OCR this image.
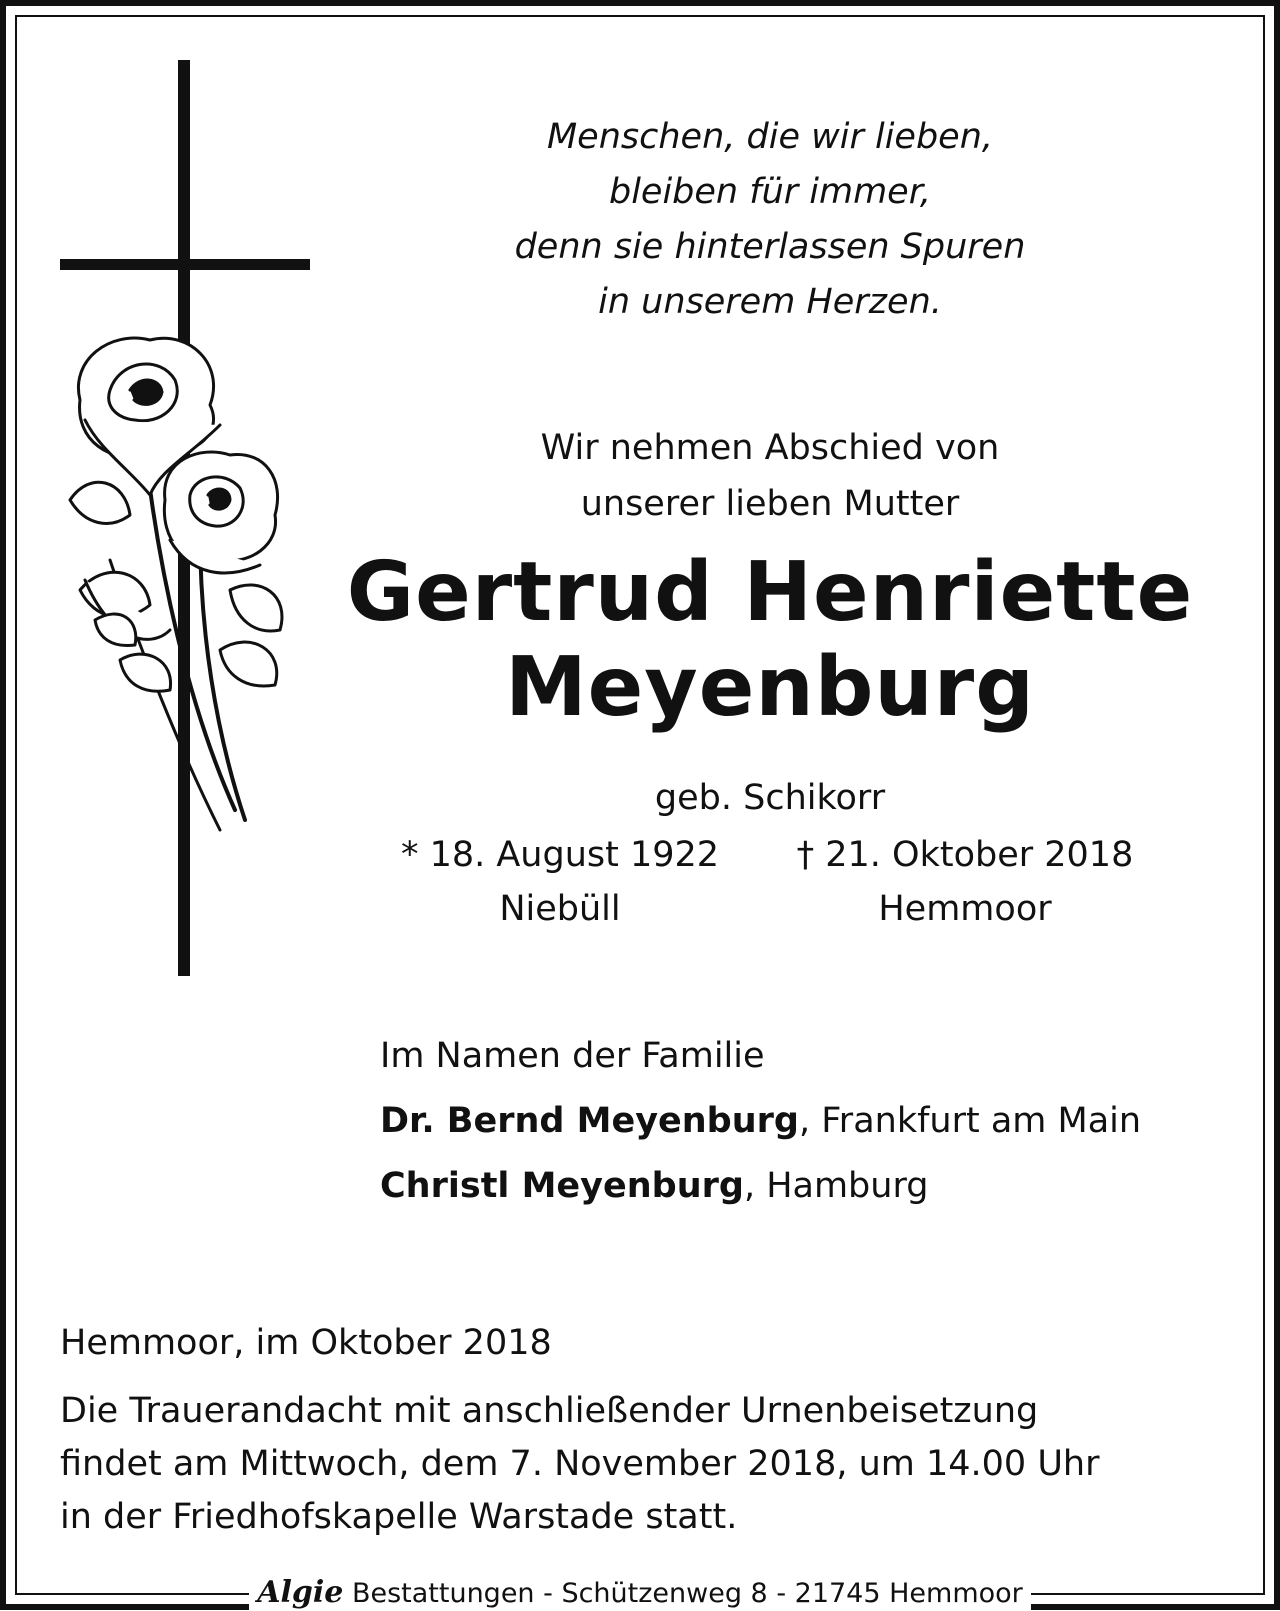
Menschen, die wir lieben,
bleiben für immer,
denn sie hinterlassen Spuren
in unserem Herzen.
Wir nehmen Abschied von
unserer lieben Mutter
Gertrud Henriette
Meyenburg
geb. Schikorr
* 18. August 1922
Niebüll
† 21. Oktober 2018
Hemmoor
Im Namen der Familie
Dr. Bernd Meyenburg, Frankfurt am Main
Christl Meyenburg, Hamburg
Hemmoor, im Oktober 2018
Die Trauerandacht mit anschließender Urnenbeisetzung
findet am Mittwoch, dem 7. November 2018, um 14.00 Uhr
in der Friedhofskapelle Warstade statt.
Algie Bestattungen - Schützenweg 8 - 21745 Hemmoor
